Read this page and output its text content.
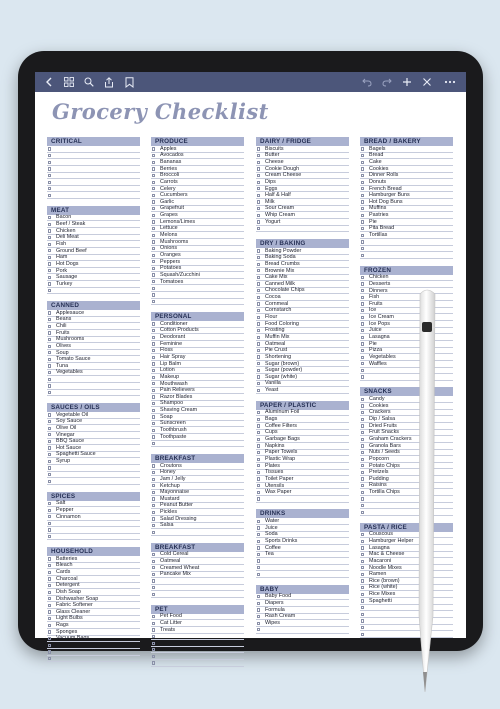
Grocery Checklist
CRITICAL
MEAT
Bacon
Beef / Steak
Chicken
Deli Meat
Fish
Ground Beef
Ham
Hot Dogs
Pork
Sausage
Turkey
CANNED
Applesauce
Beans
Chili
Fruits
Mushrooms
Olives
Soup
Tomato Sauce
Tuna
Vegetables
SAUCES / OILS
Vegetable Oil
Soy Sauce
Olive Oil
Vinegar
BBQ Sauce
Hot Sauce
Spaghetti Sauce
Syrup
SPICES
Salt
Pepper
Cinnamon
HOUSEHOLD
Batteries
Bleach
Cards
Charcoal
Detergent
Dish Soap
Dishwasher Soap
Fabric Softener
Glass Cleaner
Light Bulbs
Rags
Sponges
Vacuum Bags
PRODUCE
Apples
Avocados
Bananas
Berries
Broccoli
Carrots
Celery
Cucumbers
Garlic
Grapefruit
Grapes
Lemons/Limes
Lettuce
Melons
Mushrooms
Onions
Oranges
Peppers
Potatoes
Squash/Zucchini
Tomatoes
PERSONAL
Conditioner
Cotton Products
Deodorant
Feminine
Floss
Hair Spray
Lip Balm
Lotion
Makeup
Mouthwash
Pain Relievers
Razor Blades
Shampoo
Shaving Cream
Soap
Sunscreen
Toothbrush
Toothpaste
BREAKFAST
Croutons
Honey
Jam / Jelly
Ketchup
Mayonnaise
Mustard
Peanut Butter
Pickles
Salad Dressing
Salsa
BREAKFAST
Cold Cereal
Oatmeal
Creamed Wheat
Pancake Mix
PET
Pet Food
Cat Litter
Treats
DAIRY / FRIDGE
Biscuits
Butter
Cheese
Cookie Dough
Cream Cheese
Dips
Eggs
Half & Half
Milk
Sour Cream
Whip Cream
Yogurt
DRY / BAKING
Baking Powder
Baking Soda
Bread Crumbs
Brownie Mix
Cake Mix
Canned Milk
Chocolate Chips
Cocoa
Cornmeal
Cornstarch
Flour
Food Coloring
Frosting
Muffin Mix
Oatmeal
Pie Crust
Shortening
Sugar (brown)
Sugar (powder)
Sugar (white)
Vanilla
Yeast
PAPER / PLASTIC
Aluminum Foil
Bags
Coffee Filters
Cups
Garbage Bags
Napkins
Paper Towels
Plastic Wrap
Plates
Tissues
Toilet Paper
Utensils
Wax Paper
DRINKS
Water
Juice
Soda
Sports Drinks
Coffee
Tea
BABY
Baby Food
Diapers
Formula
Rash Cream
Wipes
BREAD / BAKERY
Bagels
Bread
Cake
Cookies
Dinner Rolls
Donuts
French Bread
Hamburger Buns
Hot Dog Buns
Muffins
Pastries
Pie
Pita Bread
Tortillas
FROZEN
Chicken
Desserts
Dinners
Fish
Fruits
Ice
Ice Cream
Ice Pops
Juice
Lasagna
Pie
Pizza
Vegetables
Waffles
SNACKS
Candy
Cookies
Crackers
Dip / Salsa
Dried Fruits
Fruit Snacks
Graham Crackers
Granola Bars
Nuts / Seeds
Popcorn
Potato Chips
Pretzels
Pudding
Raisins
Tortilla Chips
PASTA / RICE
Couscous
Hamburger Helper
Lasagna
Mac & Cheese
Macaroni
Noodle Mixes
Ramen
Rice (brown)
Rice (white)
Rice Mixes
Spaghetti
